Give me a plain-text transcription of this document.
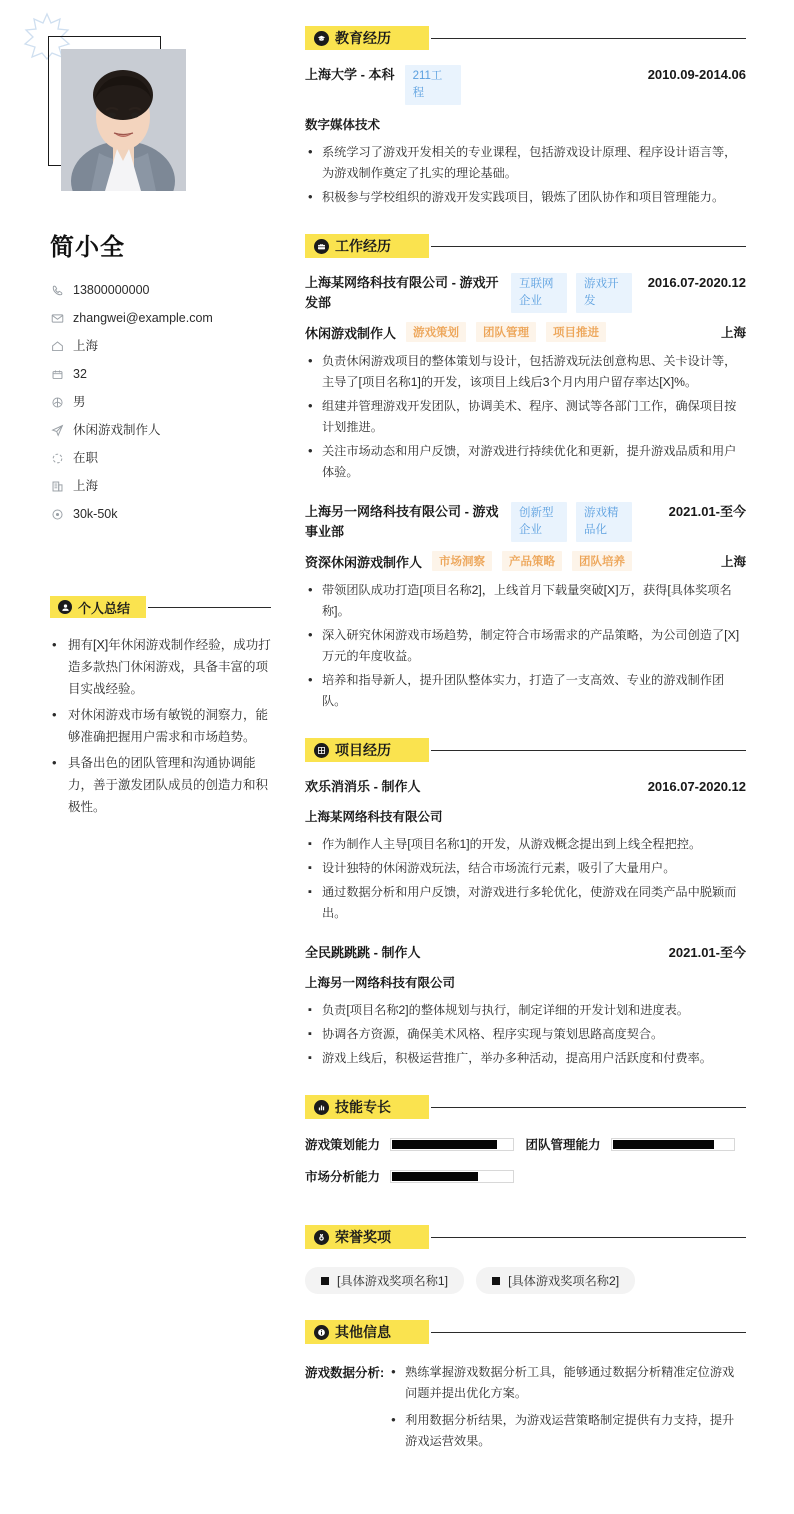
简小全
13800000000
zhangwei@example.com
上海
32
男
休闲游戏制作人
在职
上海
30k-50k
个人总结
• 拥有[X]年休闲游戏制作经验，成功打造多款热门休闲游戏，具备丰富的项目实战经验。
• 对休闲游戏市场有敏锐的洞察力，能够准确把握用户需求和市场趋势。
• 具备出色的团队管理和沟通协调能力，善于激发团队成员的创造力和积极性。
教育经历
上海大学 - 本科	211工程
2010.09-2014.06
数字媒体技术
• 系统学习了游戏开发相关的专业课程，包括游戏设计原理、程序设计语言等，为游戏制作奠定了扎实的理论基础。
• 积极参与学校组织的游戏开发实践项目，锻炼了团队协作和项目管理能力。
工作经历
上海某网络科技有限公司 - 游戏开发部
互联网企业
游戏开发
2016.07-2020.12
休闲游戏制作人	游戏策划	团队管理	项目推进	上海
• 负责休闲游戏项目的整体策划与设计，包括游戏玩法创意构思、关卡设计等，主导了[项目名称1]的开发，该项目上线后3个月内用户留存率达[X]%。
• 组建并管理游戏开发团队，协调美术、程序、测试等各部门工作，确保项目按计划推进。
• 关注市场动态和用户反馈，对游戏进行持续优化和更新，提升游戏品质和用户体验。
上海另一网络科技有限公司 - 游戏事业部
创新型企业
游戏精品化
2021.01-至今
资深休闲游戏制作人	市场洞察	产品策略	团队培养	上海
• 带领团队成功打造[项目名称2]，上线首月下载量突破[X]万，获得[具体奖项名称]。
• 深入研究休闲游戏市场趋势，制定符合市场需求的产品策略，为公司创造了[X]万元的年度收益。
• 培养和指导新人，提升团队整体实力，打造了一支高效、专业的游戏制作团队。
项目经历
欢乐消消乐 - 制作人	2016.07-2020.12
上海某网络科技有限公司
▪ 作为制作人主导[项目名称1]的开发，从游戏概念提出到上线全程把控。
▪ 设计独特的休闲游戏玩法，结合市场流行元素，吸引了大量用户。
▪ 通过数据分析和用户反馈，对游戏进行多轮优化，使游戏在同类产品中脱颖而出。
全民跳跳跳 - 制作人	2021.01-至今
上海另一网络科技有限公司
▪ 负责[项目名称2]的整体规划与执行，制定详细的开发计划和进度表。
▪ 协调各方资源，确保美术风格、程序实现与策划思路高度契合。
▪ 游戏上线后，积极运营推广，举办多种活动，提高用户活跃度和付费率。
技能专长
游戏策划能力	团队管理能力
市场分析能力
荣誉奖项
[具体游戏奖项名称1]	[具体游戏奖项名称2]
其他信息
游戏数据分析:	• 熟练掌握游戏数据分析工具，能够通过数据分析精准定位游戏问题并提出优化方案。
• 利用数据分析结果，为游戏运营策略制定提供有力支持，提升游戏运营效果。
